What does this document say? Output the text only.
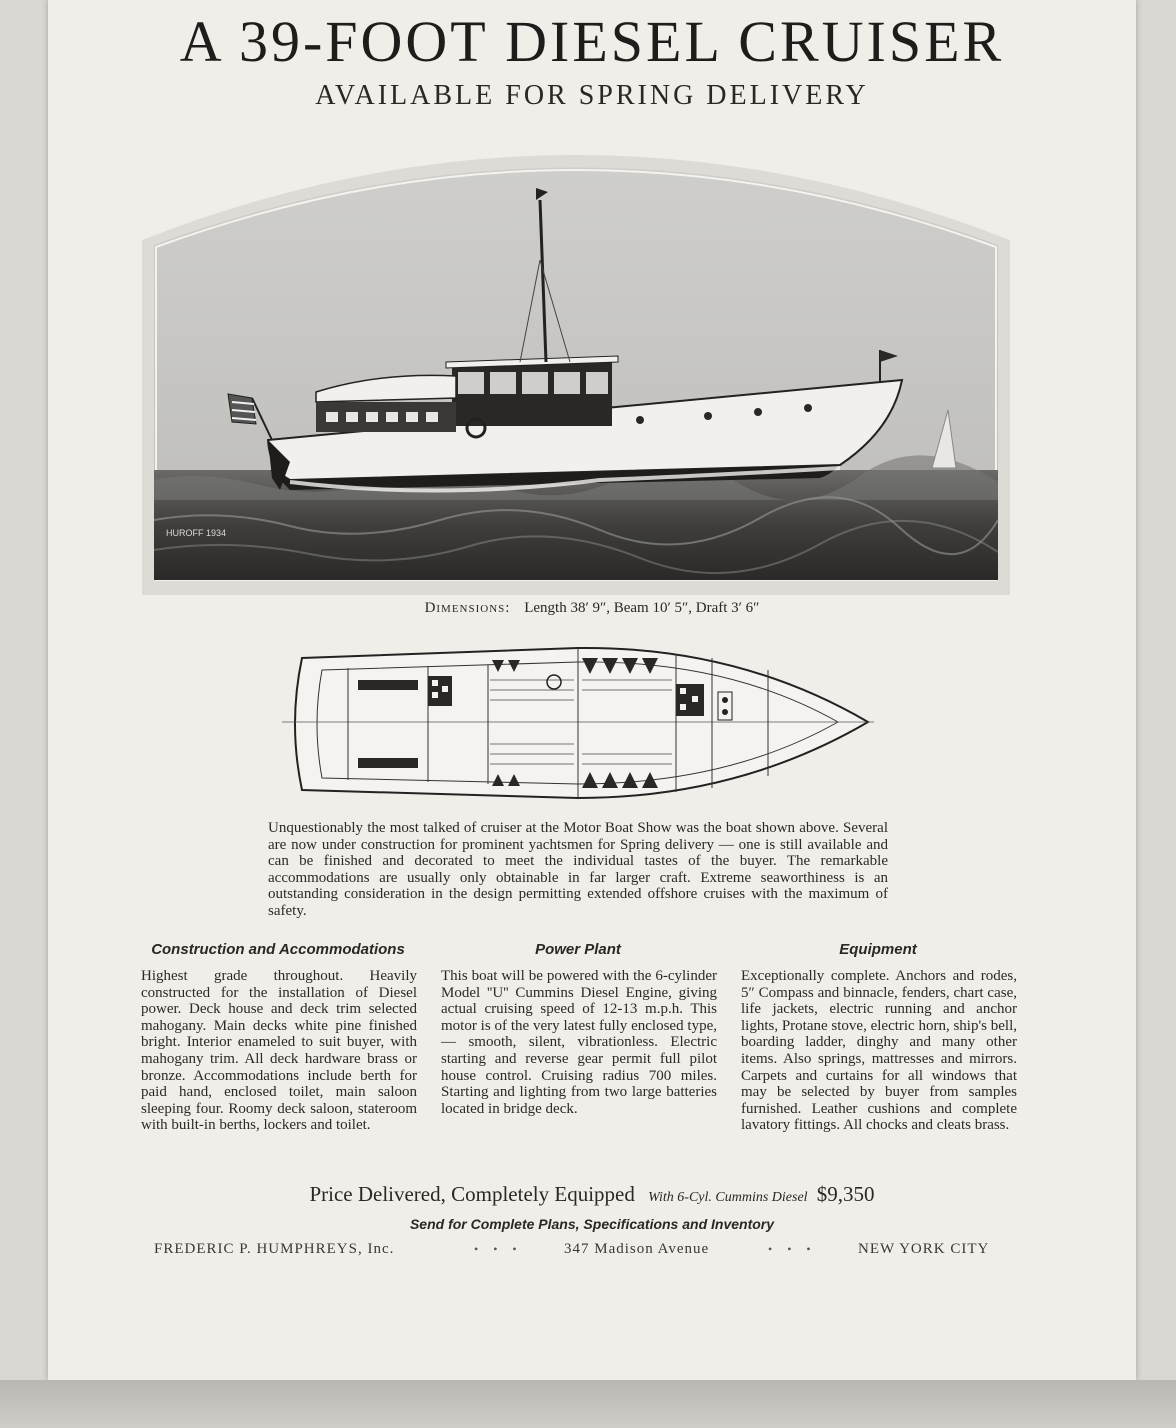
A 39-FOOT DIESEL CRUISER
AVAILABLE FOR SPRING DELIVERY
HUROFF 1934
Dimensions: Length 38′ 9″, Beam 10′ 5″, Draft 3′ 6″
Unquestionably the most talked of cruiser at the Motor Boat Show was the boat shown above. Several are now under construction for prominent yachtsmen for Spring delivery — one is still available and can be finished and decorated to meet the individual tastes of the buyer. The remarkable accommodations are usually only obtainable in far larger craft. Extreme seaworthiness is an outstanding consideration in the design permitting extended offshore cruises with the maximum of safety.
Construction and Accommodations	Power Plant	Equipment
Highest grade throughout. Heavily constructed for the installation of Diesel power. Deck house and deck trim selected mahogany. Main decks white pine finished bright. Interior enameled to suit buyer, with mahogany trim. All deck hardware brass or bronze. Accommodations include berth for paid hand, enclosed toilet, main saloon sleeping four. Roomy deck saloon, stateroom with built-in berths, lockers and toilet.
This boat will be powered with the 6-cylinder Model ''U'' Cummins Diesel Engine, giving actual cruising speed of 12-13 m.p.h. This motor is of the very latest fully enclosed type, — smooth, silent, vibrationless. Electric starting and reverse gear permit full pilot house control. Cruising radius 700 miles. Starting and lighting from two large batteries located in bridge deck.
Exceptionally complete. Anchors and rodes, 5″ Compass and binnacle, fenders, chart case, life jackets, electric running and anchor lights, Protane stove, electric horn, ship's bell, boarding ladder, dinghy and many other items. Also springs, mattresses and mirrors. Carpets and curtains for all windows that may be selected by buyer from samples furnished. Leather cushions and complete lavatory fittings. All chocks and cleats brass.
Price Delivered, Completely Equipped With 6-Cyl. Cummins Diesel $9,350
Send for Complete Plans, Specifications and Inventory
FREDERIC P. HUMPHREYS, Inc.	• • •	347 Madison Avenue	• • •	NEW YORK CITY
